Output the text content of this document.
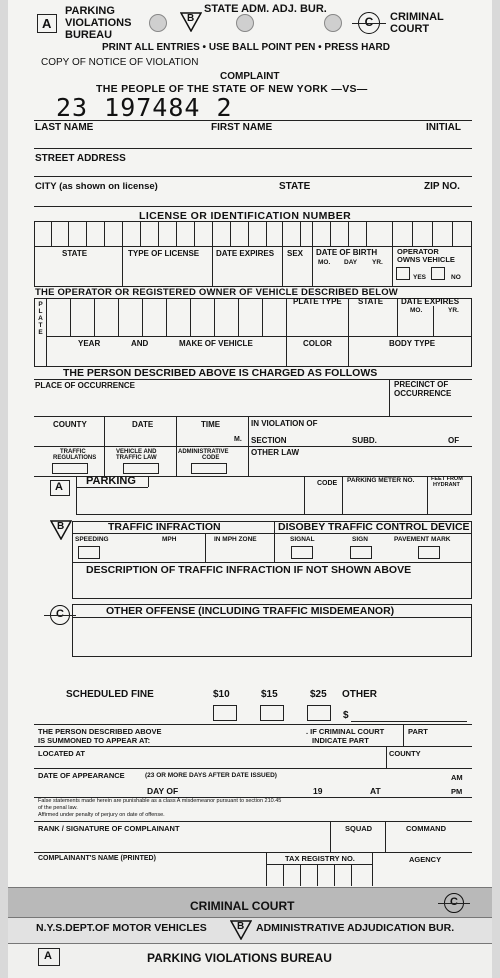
A
PARKING
VIOLATIONS
BUREAU
B
STATE ADM. ADJ. BUR.
C	CRIMINAL
COURT
PRINT ALL ENTRIES • USE BALL POINT PEN • PRESS HARD
COPY OF NOTICE OF VIOLATION
COMPLAINT
THE PEOPLE OF THE STATE OF NEW YORK —VS—
23 197484 2
LAST NAME	FIRST NAME	INITIAL
STREET ADDRESS
CITY (as shown on license)	STATE	ZIP NO.
LICENSE OR IDENTIFICATION NUMBER
STATE	TYPE OF LICENSE DATE EXPIRES SEX DATE OF BIRTH
MO. DAY YR.
OPERATOR
OWNS VEHICLE
YES	NO
THE OPERATOR OR REGISTERED OWNER OF VEHICLE DESCRIBED BELOW
P
L
A
T
E
PLATE TYPE STATE DATE EXPIRES
MO.	YR.
YEAR	AND	MAKE OF VEHICLE	COLOR	BODY TYPE
THE PERSON DESCRIBED ABOVE IS CHARGED AS FOLLOWS
PLACE OF OCCURRENCE	PRECINCT OF
OCCURRENCE
COUNTY	DATE	TIME
M.
IN VIOLATION OF
SECTION	SUBD.	OF
TRAFFIC
REGULATIONS
VEHICLE AND
TRAFFIC LAW
ADMINISTRATIVE
CODE
OTHER LAW
A PARKING	CODE PARKING METER NO.	FEET FROM
HYDRANT
B	TRAFFIC INFRACTION	DISOBEY TRAFFIC CONTROL DEVICE
SPEEDING	MPH	IN MPH ZONE	SIGNAL	SIGN	PAVEMENT MARK
DESCRIPTION OF TRAFFIC INFRACTION IF NOT SHOWN ABOVE
C	OTHER OFFENSE (INCLUDING TRAFFIC MISDEMEANOR)
SCHEDULED FINE	$10	$15	$25 OTHER
$
THE PERSON DESCRIBED ABOVE
IS SUMMONED TO APPEAR AT:
. IF CRIMINAL COURT
INDICATE PART
PART
LOCATED AT	COUNTY
DATE OF APPEARANCE	(23 OR MORE DAYS AFTER DATE ISSUED)	AM
DAY OF	19	AT	PM
False statements made herein are punishable as a class A misdemeanor pursuant to section 210.45
of the penal law.
Affirmed under penalty of perjury on date of offense.
RANK / SIGNATURE OF COMPLAINANT	SQUAD	COMMAND
COMPLAINANT'S NAME (PRINTED)	TAX REGISTRY NO.	AGENCY
CRIMINAL COURT	C
N.Y.S.DEPT.OF MOTOR VEHICLES	B ADMINISTRATIVE ADJUDICATION BUR.
A	PARKING VIOLATIONS BUREAU
